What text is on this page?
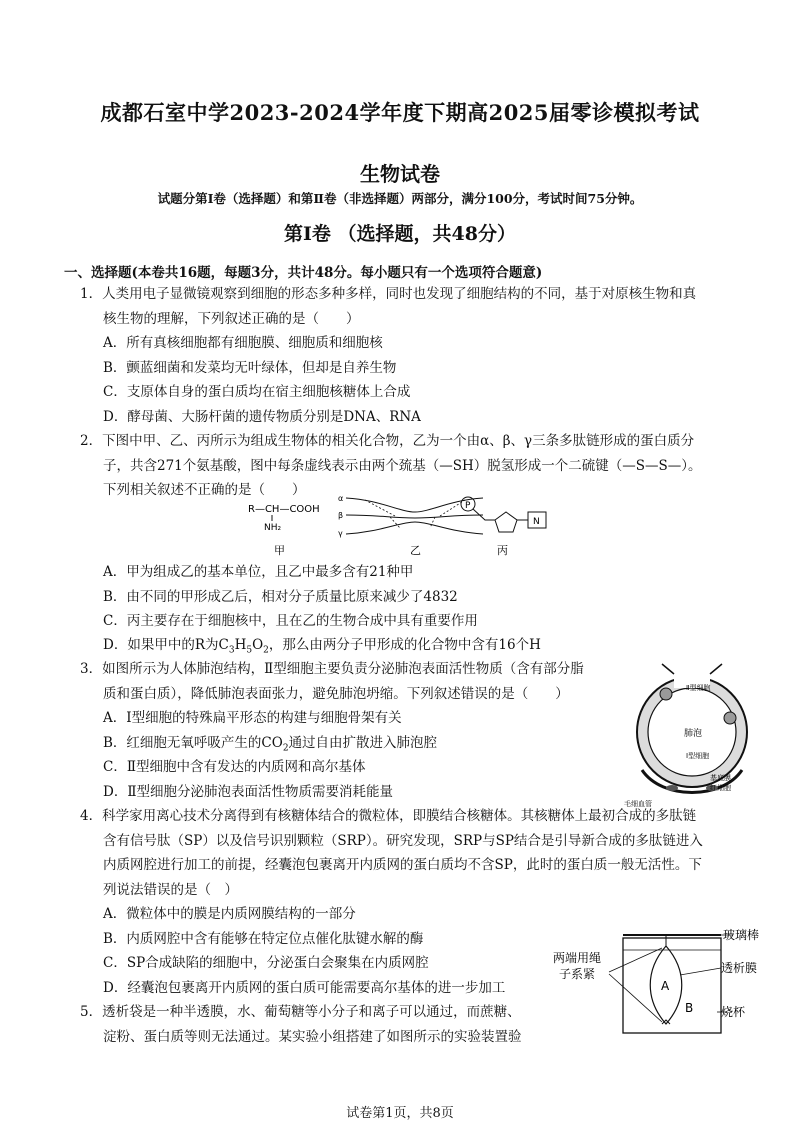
成都石室中学2023-2024学年度下期高2025届零诊模拟考试
生物试卷
试题分第Ⅰ卷（选择题）和第Ⅱ卷（非选择题）两部分，满分100分，考试时间75分钟。
第Ⅰ卷 （选择题，共48分）
一、选择题(本卷共16题，每题3分，共计48分。每小题只有一个选项符合题意)
1．人类用电子显微镜观察到细胞的形态多种多样，同时也发现了细胞结构的不同，基于对原核生物和真
核生物的理解，下列叙述正确的是（　　）
A．所有真核细胞都有细胞膜、细胞质和细胞核
B．颤蓝细菌和发菜均无叶绿体，但却是自养生物
C．支原体自身的蛋白质均在宿主细胞核糖体上合成
D．酵母菌、大肠杆菌的遗传物质分别是DNA、RNA
2．下图中甲、乙、丙所示为组成生物体的相关化合物，乙为一个由α、β、γ三条多肽链形成的蛋白质分
子，共含271个氨基酸，图中每条虚线表示由两个巯基（—SH）脱氢形成一个二硫键（—S—S—）。
下列相关叙述不正确的是（　　）
R—CH—COOH
NH₂
甲
α
β
γ
乙
P
N
丙
A．甲为组成乙的基本单位，且乙中最多含有21种甲
B．由不同的甲形成乙后，相对分子质量比原来减少了4832
C．丙主要存在于细胞核中，且在乙的生物合成中具有重要作用
D．如果甲中的R为$C_3H_5O_2$，那么由两分子甲形成的化合物中含有16个H
3．如图所示为人体肺泡结构，Ⅱ型细胞主要负责分泌肺泡表面活性物质（含有部分脂
质和蛋白质），降低肺泡表面张力，避免肺泡坍缩。下列叙述错误的是（　　）
A．Ⅰ型细胞的特殊扁平形态的构建与细胞骨架有关
B．红细胞无氧呼吸产生的$CO_2$通过自由扩散进入肺泡腔
C．Ⅱ型细胞中含有发达的内质网和高尔基体
D．Ⅱ型细胞分泌肺泡表面活性物质需要消耗能量
Ⅱ型细胞
肺泡
Ⅰ型细胞
基底膜
红细胞
毛细血管
4．科学家用离心技术分离得到有核糖体结合的微粒体，即膜结合核糖体。其核糖体上最初合成的多肽链
含有信号肽（SP）以及信号识别颗粒（SRP）。研究发现，SRP与SP结合是引导新合成的多肽链进入
内质网腔进行加工的前提，经囊泡包裹离开内质网的蛋白质均不含SP，此时的蛋白质一般无活性。下
列说法错误的是（　）
A．微粒体中的膜是内质网膜结构的一部分
B．内质网腔中含有能够在特定位点催化肽键水解的酶
C．SP合成缺陷的细胞中，分泌蛋白会聚集在内质网腔
D．经囊泡包裹离开内质网的蛋白质可能需要高尔基体的进一步加工
5．透析袋是一种半透膜，水、葡萄糖等小分子和离子可以通过，而蔗糖、
淀粉、蛋白质等则无法通过。某实验小组搭建了如图所示的实验装置验
玻璃棒
两端用绳
子系紧	透析膜
烧杯
A
B
试卷第1页，共8页
